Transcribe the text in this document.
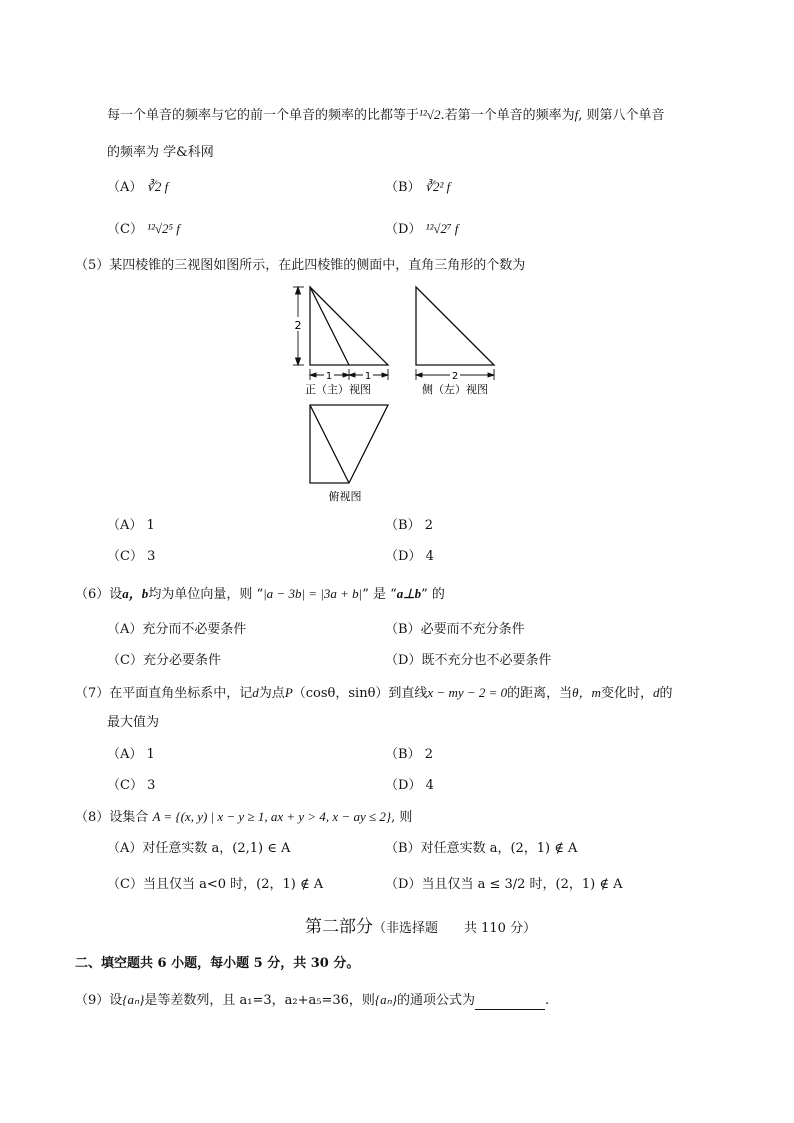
每一个单音的频率与它的前一个单音的频率的比都等于¹²√2.若第一个单音的频率为f, 则第八个单音
的频率为 学&科网
（A） ∛2 f	（B） ∛2² f
（C） ¹²√2⁵ f	（D） ¹²√2⁷ f
（5）某四棱锥的三视图如图所示，在此四棱锥的侧面中，直角三角形的个数为
2
1	1
正（主）视图
2
侧（左）视图
俯视图
（A） 1	（B） 2
（C） 3	（D） 4
（6）设a，b均为单位向量，则 “|a − 3b| = |3a + b|” 是 “a⊥b” 的
（A）充分而不必要条件	（B）必要而不充分条件
（C）充分必要条件	（D）既不充分也不必要条件
（7）在平面直角坐标系中，记d为点P（cosθ，sinθ）到直线x − my − 2 = 0的距离，当θ，m变化时，d的
最大值为
（A） 1	（B） 2
（C） 3	（D） 4
（8）设集合 A = {(x, y) | x − y ≥ 1, ax + y > 4, x − ay ≤ 2}, 则
（A）对任意实数 a，(2,1) ∈ A	（B）对任意实数 a，(2，1) ∉ A
（C）当且仅当 a<0 时，(2，1) ∉ A	（D）当且仅当 a ≤ 3/2 时，(2，1) ∉ A
第二部分（非选择题　　共 110 分）
二、填空题共 6 小题，每小题 5 分，共 30 分。
（9）设{aₙ}是等差数列，且 a₁=3，a₂+a₅=36，则{aₙ}的通项公式为	.
